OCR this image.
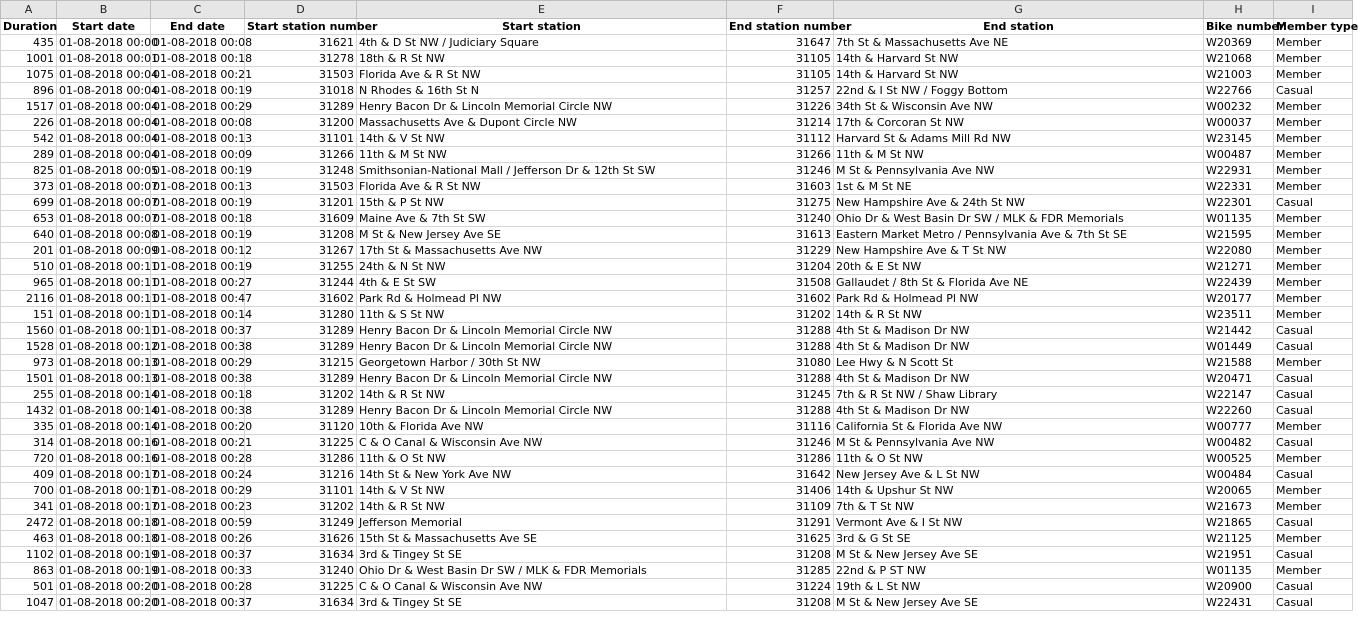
A	B	C	D	E	F	G	H	I
Duration	Start date	End date	Start station number	Start station	End station number	End station	Bike number	Member type
435	01-08-2018 00:00	01-08-2018 00:08	31621	4th & D St NW / Judiciary Square	31647	7th St & Massachusetts Ave NE	W20369	Member
1001	01-08-2018 00:01	01-08-2018 00:18	31278	18th & R St NW	31105	14th & Harvard St NW	W21068	Member
1075	01-08-2018 00:04	01-08-2018 00:21	31503	Florida Ave & R St NW	31105	14th & Harvard St NW	W21003	Member
896	01-08-2018 00:04	01-08-2018 00:19	31018	N Rhodes & 16th St N	31257	22nd & I St NW / Foggy Bottom	W22766	Casual
1517	01-08-2018 00:04	01-08-2018 00:29	31289	Henry Bacon Dr & Lincoln Memorial Circle NW	31226	34th St & Wisconsin Ave NW	W00232	Member
226	01-08-2018 00:04	01-08-2018 00:08	31200	Massachusetts Ave & Dupont Circle NW	31214	17th & Corcoran St NW	W00037	Member
542	01-08-2018 00:04	01-08-2018 00:13	31101	14th & V St NW	31112	Harvard St & Adams Mill Rd NW	W23145	Member
289	01-08-2018 00:04	01-08-2018 00:09	31266	11th & M St NW	31266	11th & M St NW	W00487	Member
825	01-08-2018 00:05	01-08-2018 00:19	31248	Smithsonian-National Mall / Jefferson Dr & 12th St SW	31246	M St & Pennsylvania Ave NW	W22931	Member
373	01-08-2018 00:07	01-08-2018 00:13	31503	Florida Ave & R St NW	31603	1st & M St NE	W22331	Member
699	01-08-2018 00:07	01-08-2018 00:19	31201	15th & P St NW	31275	New Hampshire Ave & 24th St NW	W22301	Casual
653	01-08-2018 00:07	01-08-2018 00:18	31609	Maine Ave & 7th St SW	31240	Ohio Dr & West Basin Dr SW / MLK & FDR Memorials	W01135	Member
640	01-08-2018 00:08	01-08-2018 00:19	31208	M St & New Jersey Ave SE	31613	Eastern Market Metro / Pennsylvania Ave & 7th St SE	W21595	Member
201	01-08-2018 00:09	01-08-2018 00:12	31267	17th St & Massachusetts Ave NW	31229	New Hampshire Ave & T St NW	W22080	Member
510	01-08-2018 00:11	01-08-2018 00:19	31255	24th & N St NW	31204	20th & E St NW	W21271	Member
965	01-08-2018 00:11	01-08-2018 00:27	31244	4th & E St SW	31508	Gallaudet / 8th St & Florida Ave NE	W22439	Member
2116	01-08-2018 00:11	01-08-2018 00:47	31602	Park Rd & Holmead Pl NW	31602	Park Rd & Holmead Pl NW	W20177	Member
151	01-08-2018 00:11	01-08-2018 00:14	31280	11th & S St NW	31202	14th & R St NW	W23511	Member
1560	01-08-2018 00:11	01-08-2018 00:37	31289	Henry Bacon Dr & Lincoln Memorial Circle NW	31288	4th St & Madison Dr NW	W21442	Casual
1528	01-08-2018 00:12	01-08-2018 00:38	31289	Henry Bacon Dr & Lincoln Memorial Circle NW	31288	4th St & Madison Dr NW	W01449	Casual
973	01-08-2018 00:13	01-08-2018 00:29	31215	Georgetown Harbor / 30th St NW	31080	Lee Hwy & N Scott St	W21588	Member
1501	01-08-2018 00:13	01-08-2018 00:38	31289	Henry Bacon Dr & Lincoln Memorial Circle NW	31288	4th St & Madison Dr NW	W20471	Casual
255	01-08-2018 00:14	01-08-2018 00:18	31202	14th & R St NW	31245	7th & R St NW / Shaw Library	W22147	Casual
1432	01-08-2018 00:14	01-08-2018 00:38	31289	Henry Bacon Dr & Lincoln Memorial Circle NW	31288	4th St & Madison Dr NW	W22260	Casual
335	01-08-2018 00:14	01-08-2018 00:20	31120	10th & Florida Ave NW	31116	California St & Florida Ave NW	W00777	Member
314	01-08-2018 00:16	01-08-2018 00:21	31225	C & O Canal & Wisconsin Ave NW	31246	M St & Pennsylvania Ave NW	W00482	Casual
720	01-08-2018 00:16	01-08-2018 00:28	31286	11th & O St NW	31286	11th & O St NW	W00525	Member
409	01-08-2018 00:17	01-08-2018 00:24	31216	14th St & New York Ave NW	31642	New Jersey Ave & L St NW	W00484	Casual
700	01-08-2018 00:17	01-08-2018 00:29	31101	14th & V St NW	31406	14th & Upshur St NW	W20065	Member
341	01-08-2018 00:17	01-08-2018 00:23	31202	14th & R St NW	31109	7th & T St NW	W21673	Member
2472	01-08-2018 00:18	01-08-2018 00:59	31249	Jefferson Memorial	31291	Vermont Ave & I St NW	W21865	Casual
463	01-08-2018 00:18	01-08-2018 00:26	31626	15th St & Massachusetts Ave SE	31625	3rd & G St SE	W21125	Member
1102	01-08-2018 00:19	01-08-2018 00:37	31634	3rd & Tingey St SE	31208	M St & New Jersey Ave SE	W21951	Casual
863	01-08-2018 00:19	01-08-2018 00:33	31240	Ohio Dr & West Basin Dr SW / MLK & FDR Memorials	31285	22nd & P ST NW	W01135	Member
501	01-08-2018 00:20	01-08-2018 00:28	31225	C & O Canal & Wisconsin Ave NW	31224	19th & L St NW	W20900	Casual
1047	01-08-2018 00:20	01-08-2018 00:37	31634	3rd & Tingey St SE	31208	M St & New Jersey Ave SE	W22431	Casual
